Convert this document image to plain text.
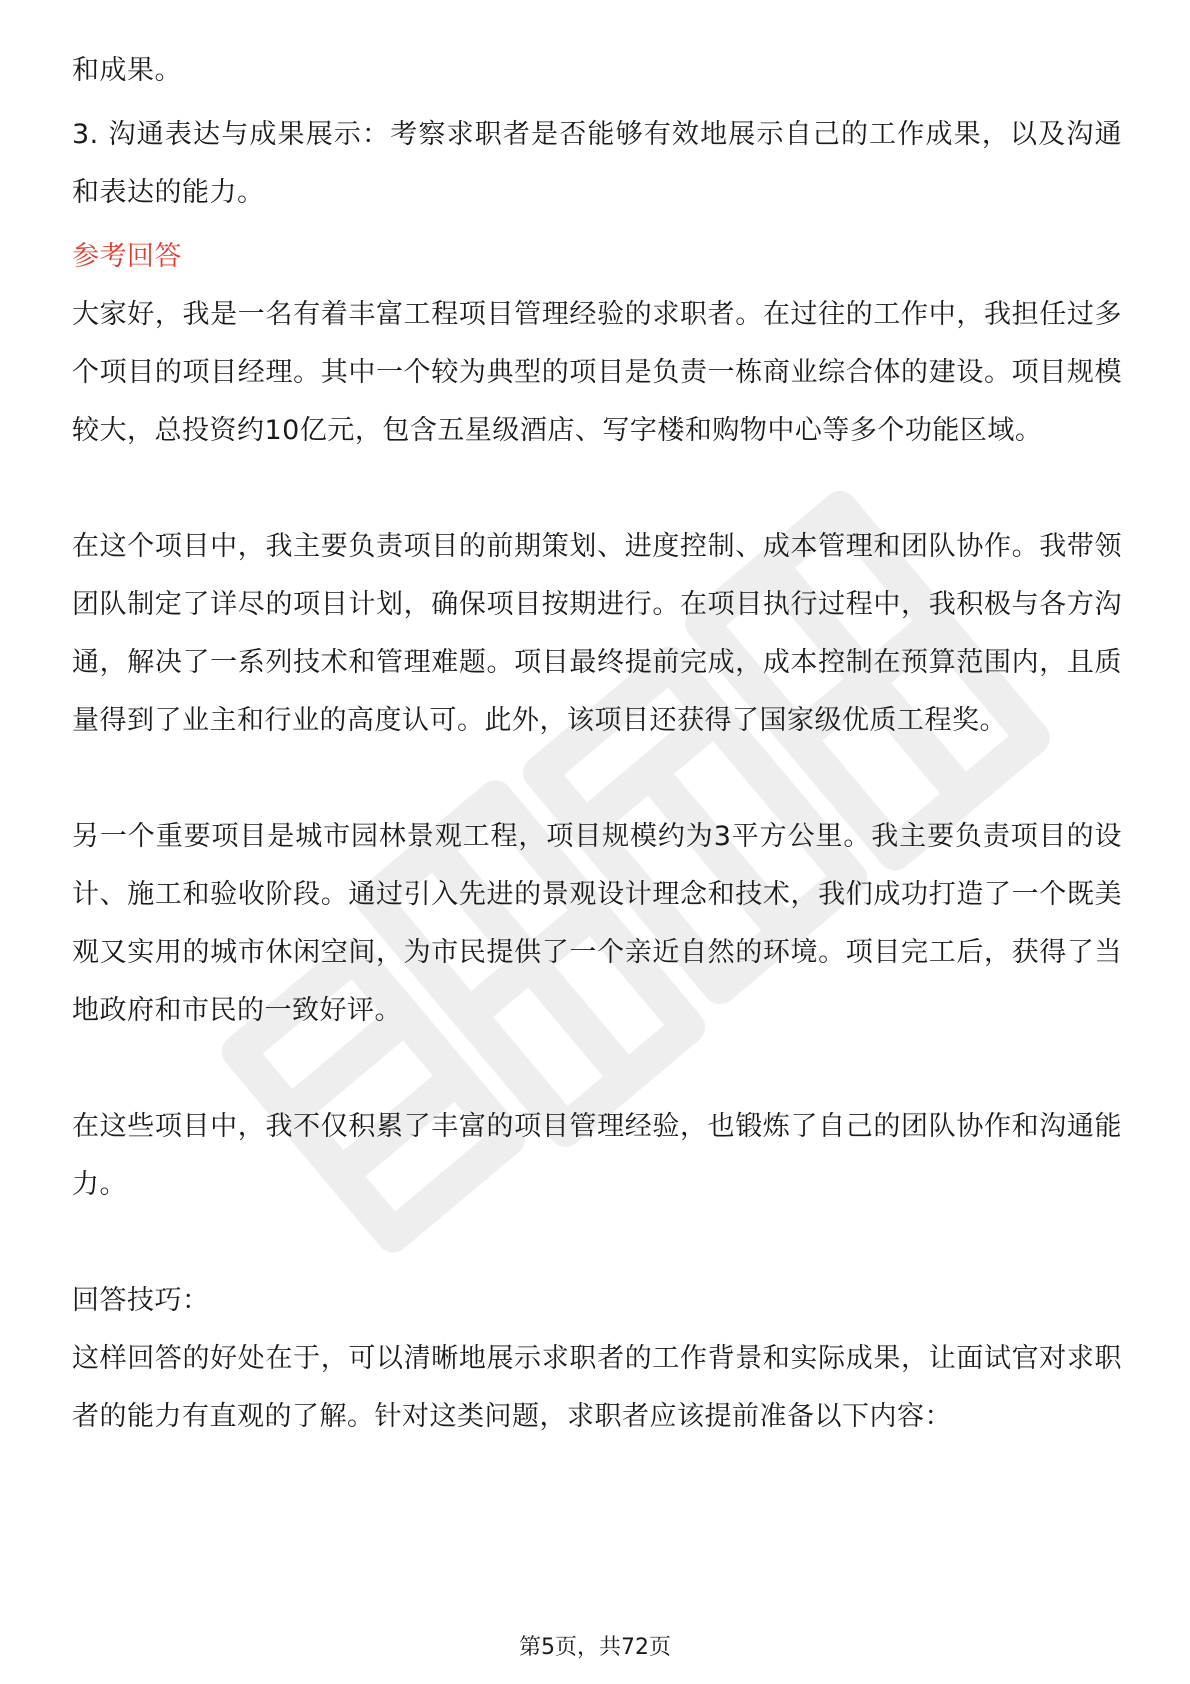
和成果。

3. 沟通表达与成果展示：考察求职者是否能够有效地展示自己的工作成果，以及沟通和表达的能力。

参考回答

大家好，我是一名有着丰富工程项目管理经验的求职者。在过往的工作中，我担任过多个项目的项目经理。其中一个较为典型的项目是负责一栋商业综合体的建设。项目规模较大，总投资约10亿元，包含五星级酒店、写字楼和购物中心等多个功能区域。

在这个项目中，我主要负责项目的前期策划、进度控制、成本管理和团队协作。我带领团队制定了详尽的项目计划，确保项目按期进行。在项目执行过程中，我积极与各方沟通，解决了一系列技术和管理难题。项目最终提前完成，成本控制在预算范围内，且质量得到了业主和行业的高度认可。此外，该项目还获得了国家级优质工程奖。

另一个重要项目是城市园林景观工程，项目规模约为3平方公里。我主要负责项目的设计、施工和验收阶段。通过引入先进的景观设计理念和技术，我们成功打造了一个既美观又实用的城市休闲空间，为市民提供了一个亲近自然的环境。项目完工后，获得了当地政府和市民的一致好评。

在这些项目中，我不仅积累了丰富的项目管理经验，也锻炼了自己的团队协作和沟通能力。

回答技巧：

这样回答的好处在于，可以清晰地展示求职者的工作背景和实际成果，让面试官对求职者的能力有直观的了解。针对这类问题，求职者应该提前准备以下内容：

第5页，共72页
